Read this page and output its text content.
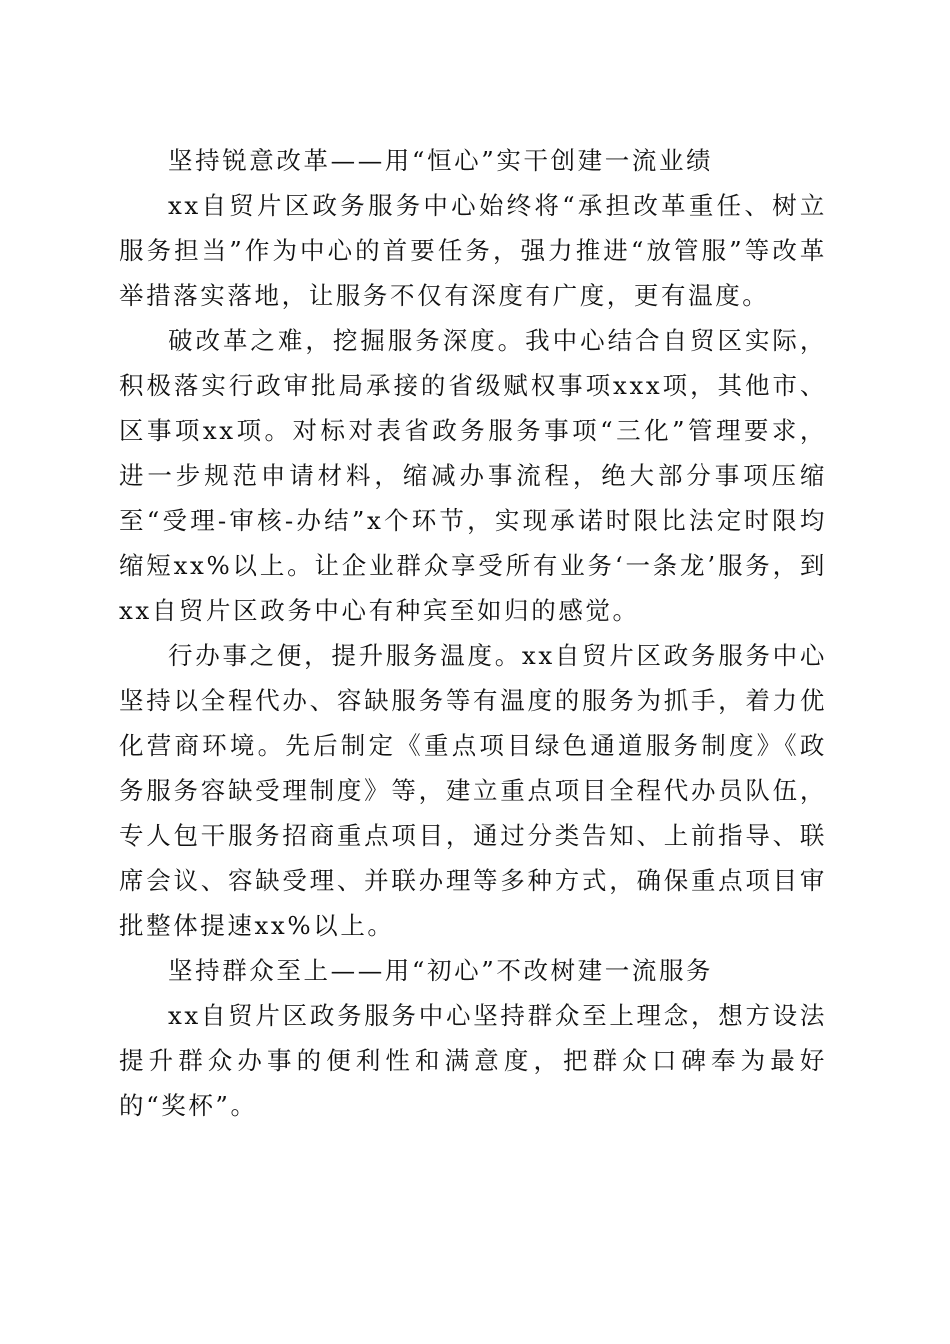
坚持锐意改革——用“恒心”实干创建一流业绩

xx自贸片区政务服务中心始终将“承担改革重任、树立服务担当”作为中心的首要任务，强力推进“放管服”等改革举措落实落地，让服务不仅有深度有广度，更有温度。

破改革之难，挖掘服务深度。我中心结合自贸区实际，积极落实行政审批局承接的省级赋权事项xxx项，其他市、区事项xx项。对标对表省政务服务事项“三化”管理要求，进一步规范申请材料，缩减办事流程，绝大部分事项压缩至“受理-审核-办结”x个环节，实现承诺时限比法定时限均缩短xx%以上。让企业群众享受所有业务‘一条龙’服务，到xx自贸片区政务中心有种宾至如归的感觉。

行办事之便，提升服务温度。xx自贸片区政务服务中心坚持以全程代办、容缺服务等有温度的服务为抓手，着力优化营商环境。先后制定《重点项目绿色通道服务制度》《政务服务容缺受理制度》等，建立重点项目全程代办员队伍，专人包干服务招商重点项目，通过分类告知、上前指导、联席会议、容缺受理、并联办理等多种方式，确保重点项目审批整体提速xx%以上。

坚持群众至上——用“初心”不改树建一流服务

xx自贸片区政务服务中心坚持群众至上理念，想方设法提升群众办事的便利性和满意度，把群众口碑奉为最好的“奖杯”。
